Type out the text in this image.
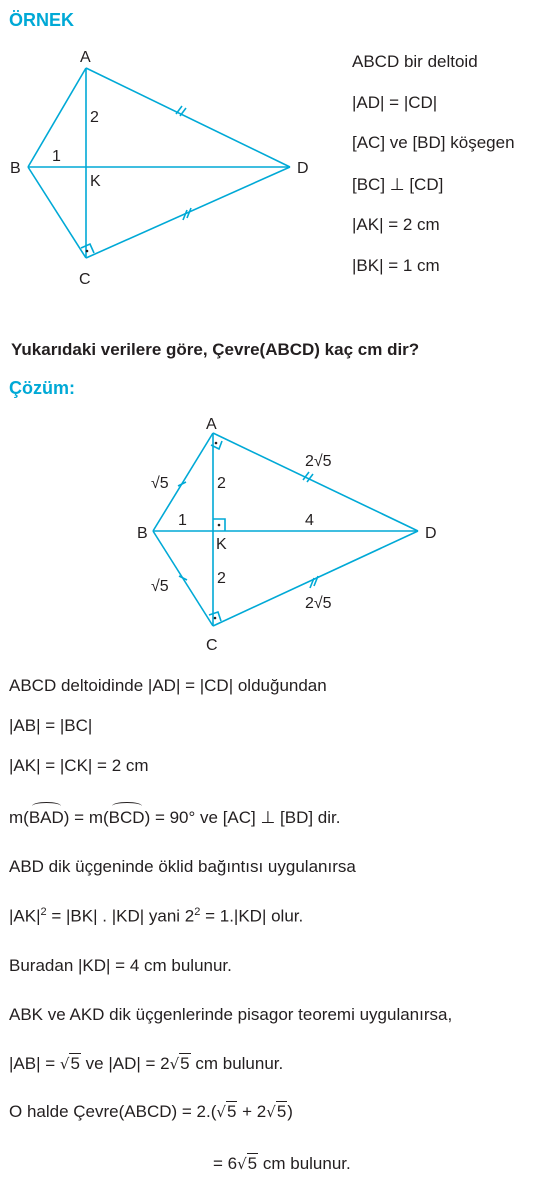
ÖRNEK
A
B
C
D
K
2
1
ABCD bir deltoid
|AD| = |CD|
[AC] ve [BD] köşegen
[BC] ⊥ [CD]
|AK| = 2 cm
|BK| = 1 cm
Yukarıdaki verilere göre, Çevre(ABCD) kaç cm dir?
Çözüm:
A
B
C
D
K
2
2
1	4
√5
√5
2√5
2√5
ABCD deltoidinde |AD| = |CD| olduğundan
|AB| = |BC|
|AK| = |CK| = 2 cm
m(
BAD) = m(
BCD) = 90° ve [AC] ⊥ [BD] dir.
ABD dik üçgeninde öklid bağıntısı uygulanırsa
$|AK|^2 = |BK|$ . |KD| yani $2^2 = 1.|KD|$ olur.
Buradan |KD| = 4 cm bulunur.
ABK ve AKD dik üçgenlerinde pisagor teoremi uygulanırsa,
|AB| = √5 ve |AD| = 2√5 cm bulunur.
O halde Çevre(ABCD) = 2.(√5 + 2√5)
= 6√5 cm bulunur.
